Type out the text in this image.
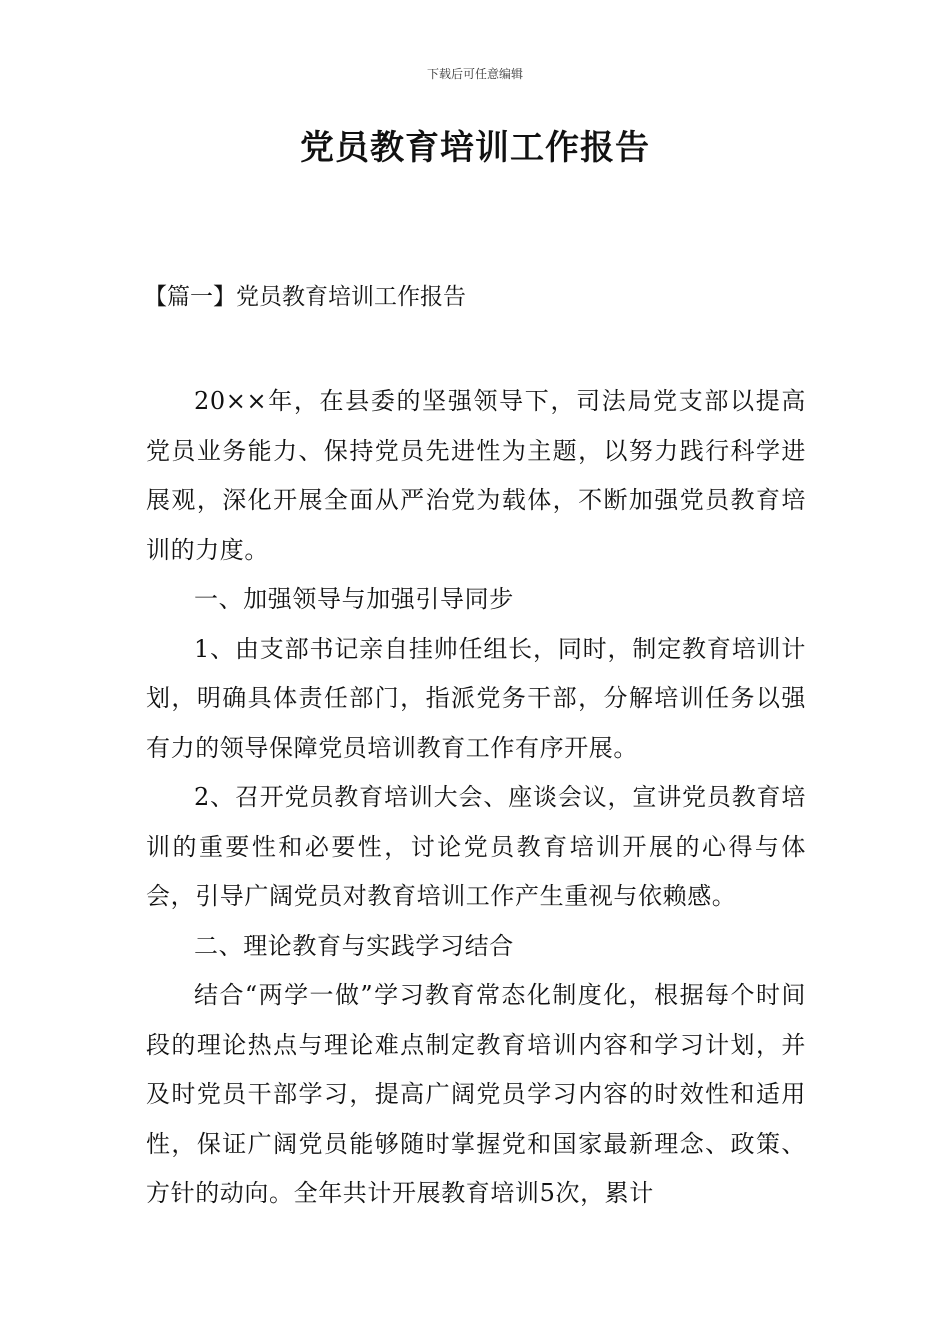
下载后可任意编辑
党员教育培训工作报告
【篇一】党员教育培训工作报告

20××年，在县委的坚强领导下，司法局党支部以提高党员业务能力、保持党员先进性为主题，以努力践行科学进展观，深化开展全面从严治党为载体，不断加强党员教育培训的力度。

一、加强领导与加强引导同步

1、由支部书记亲自挂帅任组长，同时，制定教育培训计划，明确具体责任部门，指派党务干部，分解培训任务以强有力的领导保障党员培训教育工作有序开展。

2、召开党员教育培训大会、座谈会议，宣讲党员教育培训的重要性和必要性，讨论党员教育培训开展的心得与体会，引导广阔党员对教育培训工作产生重视与依赖感。

二、理论教育与实践学习结合

结合“两学一做”学习教育常态化制度化，根据每个时间段的理论热点与理论难点制定教育培训内容和学习计划，并及时党员干部学习，提高广阔党员学习内容的时效性和适用性，保证广阔党员能够随时掌握党和国家最新理念、政策、方针的动向。全年共计开展教育培训5次，累计
